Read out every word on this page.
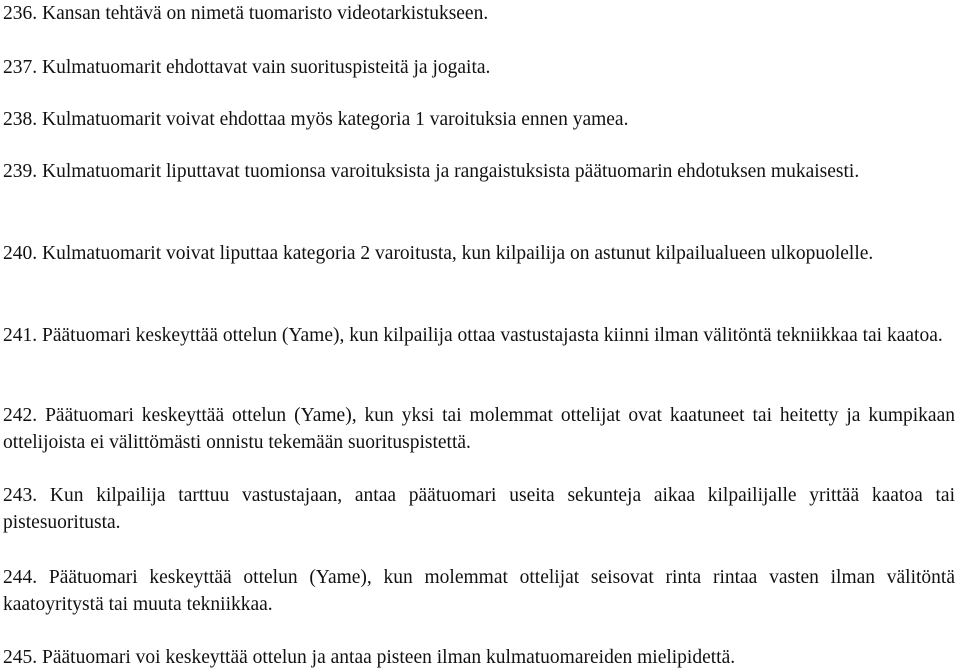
236. Kansan tehtävä on nimetä tuomaristo videotarkistukseen.

237. Kulmatuomarit ehdottavat vain suorituspisteitä ja jogaita.

238. Kulmatuomarit voivat ehdottaa myös kategoria 1 varoituksia ennen yamea.

239. Kulmatuomarit liputtavat tuomionsa varoituksista ja rangaistuksista päätuomarin ehdotuksen mukaisesti.

240. Kulmatuomarit voivat liputtaa kategoria 2 varoitusta, kun kilpailija on astunut kilpailualueen ulkopuolelle.

241. Päätuomari keskeyttää ottelun (Yame), kun kilpailija ottaa vastustajasta kiinni ilman välitöntä tekniikkaa tai kaatoa.

242. Päätuomari keskeyttää ottelun (Yame), kun yksi tai molemmat ottelijat ovat kaatuneet tai heitetty ja kumpikaan ottelijoista ei välittömästi onnistu tekemään suorituspistettä.

243. Kun kilpailija tarttuu vastustajaan, antaa päätuomari useita sekunteja aikaa kilpailijalle yrittää kaatoa tai pistesuoritusta.

244. Päätuomari keskeyttää ottelun (Yame), kun molemmat ottelijat seisovat rinta rintaa vasten ilman välitöntä kaatoyritystä tai muuta tekniikkaa.

245. Päätuomari voi keskeyttää ottelun ja antaa pisteen ilman kulmatuomareiden mielipidettä.
